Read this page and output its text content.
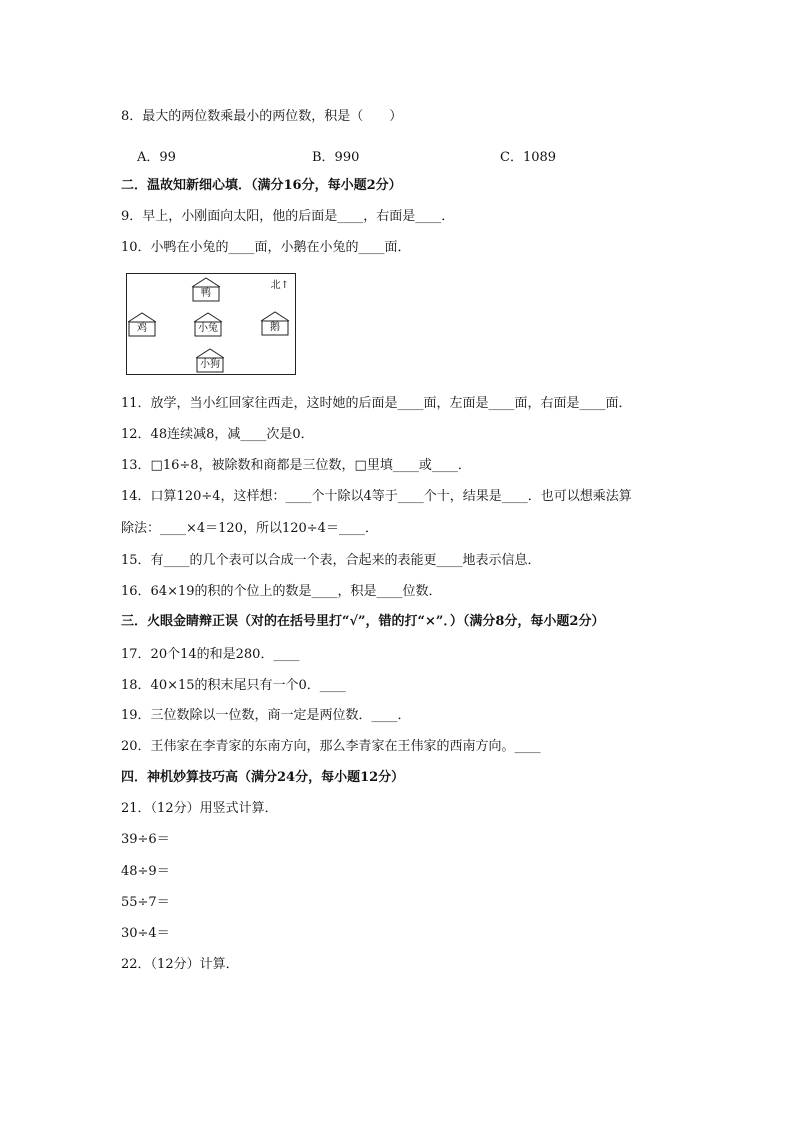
8．最大的两位数乘最小的两位数，积是（　　）
A．99	B．990	C．1089
二．温故知新细心填．（满分16分，每小题2分）
9．早上，小刚面向太阳，他的后面是____，右面是____．
10．小鸭在小兔的____面，小鹅在小兔的____面．
北↑
鸭
鸡	小兔	鹅
小狗
11．放学，当小红回家往西走，这时她的后面是____面，左面是____面，右面是____面．
12．48连续减8，减____次是0．
13．□16÷8，被除数和商都是三位数，□里填____或____．
14．口算120÷4，这样想：____个十除以4等于____个十，结果是____．也可以想乘法算
除法：____×4＝120，所以120÷4＝____．
15．有____的几个表可以合成一个表，合起来的表能更____地表示信息．
16．64×19的积的个位上的数是____，积是____位数．
三．火眼金睛辩正误（对的在括号里打“√”，错的打“×”．）（满分8分，每小题2分）
17．20个14的和是280．____
18．40×15的积末尾只有一个0．____
19．三位数除以一位数，商一定是两位数．____．
20．王伟家在李青家的东南方向，那么李青家在王伟家的西南方向。____
四．神机妙算技巧高（满分24分，每小题12分）
21．（12分）用竖式计算．
39÷6＝
48÷9＝
55÷7＝
30÷4＝
22．（12分）计算．
